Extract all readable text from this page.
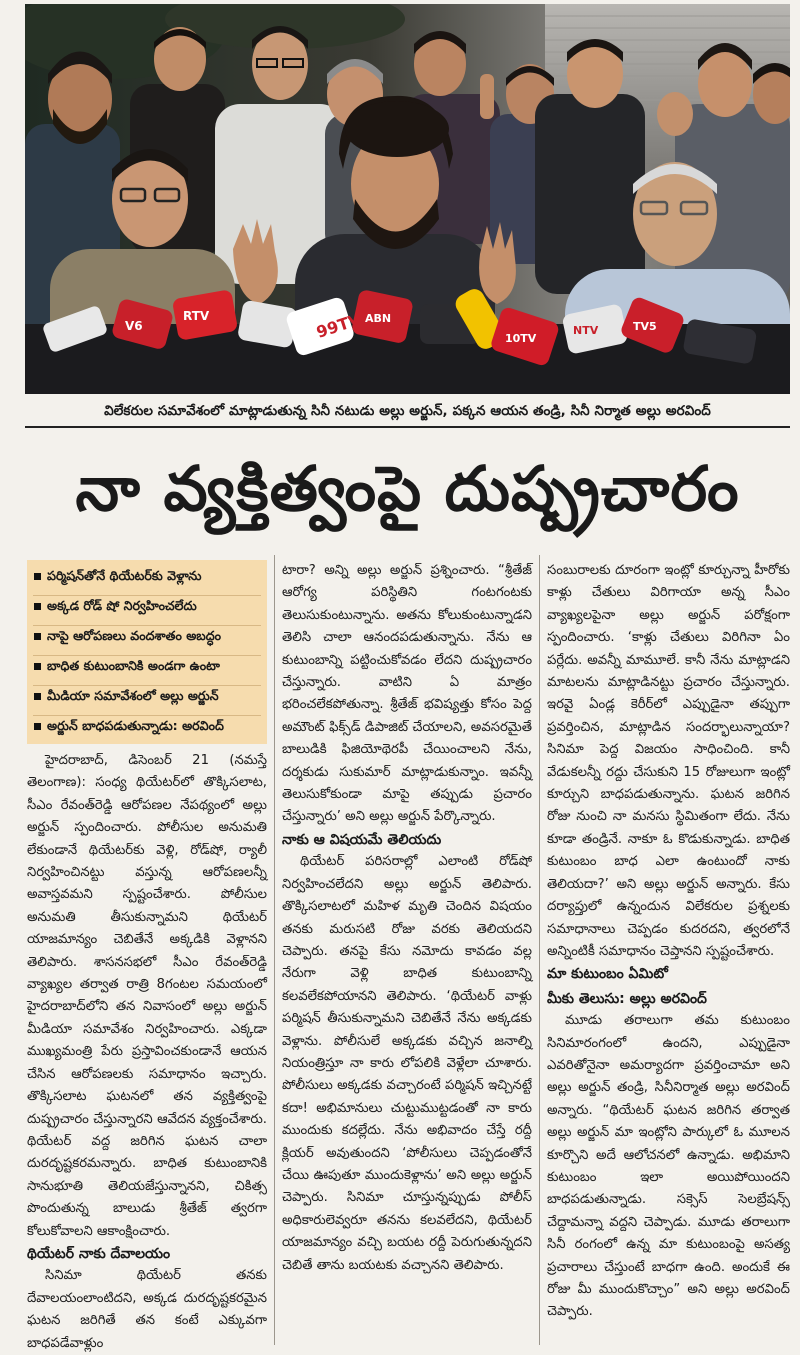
99TV
V6
RTV	ABN
10TV
TV5
NTV
విలేకరుల సమావేశంలో మాట్లాడుతున్న సినీ నటుడు అల్లు అర్జున్, పక్కన ఆయన తండ్రి, సినీ నిర్మాత అల్లు అరవింద్
నా వ్యక్తిత్వంపై దుష్ప్రచారం
పర్మిషన్‌తోనే థియేటర్‌కు వెళ్లాను
అక్కడ రోడ్ షో నిర్వహించలేదు
నాపై ఆరోపణలు వందశాతం అబద్ధం
బాధిత కుటుంబానికి అండగా ఉంటా
మీడియా సమావేశంలో అల్లు అర్జున్
అర్జున్ బాధపడుతున్నాడు: అరవింద్

హైదరాబాద్, డిసెంబర్ 21 (నమస్తే తెలంగాణ): సంధ్య థియేటర్‌లో తొక్కిసలాట, సీఎం రేవంత్‌రెడ్డి ఆరోపణల నేపథ్యంలో అల్లు అర్జున్ స్పందించారు. పోలీసుల అనుమతి లేకుండానే థియేటర్‌కు వెళ్లి, రోడ్‌షో, ర్యాలీ నిర్వహించినట్టు వస్తున్న ఆరోపణలన్నీ అవాస్తవమని స్పష్టంచేశారు. పోలీసుల అనుమతి తీసుకున్నామని థియేటర్ యాజమాన్యం చెబితేనే అక్కడికి వెళ్లానని తెలిపారు. శాసనసభలో సీఎం రేవంత్‌రెడ్డి వ్యాఖ్యల తర్వాత రాత్రి 8గంటల సమయంలో హైదరాబాద్‌లోని తన నివాసంలో అల్లు అర్జున్ మీడియా సమావేశం నిర్వహించారు. ఎక్కడా ముఖ్యమంత్రి పేరు ప్రస్తావించకుండానే ఆయన చేసిన ఆరోపణలకు సమాధానం ఇచ్చారు. తొక్కిసలాట ఘటనలో తన వ్యక్తిత్వంపై దుష్ప్రచారం చేస్తున్నారని ఆవేదన వ్యక్తంచేశారు. థియేటర్ వద్ద జరిగిన ఘటన చాలా దురదృష్టకరమన్నారు. బాధిత కుటుంబానికి సానుభూతి తెలియజేస్తున్నానని, చికిత్స పొందుతున్న బాలుడు శ్రీతేజ్ త్వరగా కోలుకోవాలని ఆకాంక్షించారు.

థియేటర్ నాకు దేవాలయం

సినిమా థియేటర్ తనకు దేవాలయంలాంటిదని, అక్కడ దురదృష్టకరమైన ఘటన జరిగితే తన కంటే ఎక్కువగా బాధపడేవాళ్లుం

టారా? అన్ని అల్లు అర్జున్ ప్రశ్నించారు. “శ్రీతేజ్ ఆరోగ్య పరిస్థితిని గంటగంటకు తెలుసుకుంటున్నాను. అతను కోలుకుంటున్నాడని తెలిసి చాలా ఆనందపడుతున్నాను. నేను ఆ కుటుంబాన్ని పట్టించుకోవడం లేదని దుష్ప్రచారం చేస్తున్నారు. వాటిని ఏ మాత్రం భరించలేకపోతున్నా. శ్రీతేజ్ భవిష్యత్తు కోసం పెద్ద అమౌంట్ ఫిక్స్‌డ్ డిపాజిట్ చేయాలని, అవసరమైతే బాలుడికి ఫిజియోథెరపీ చేయించాలని నేను, దర్శకుడు సుకుమార్ మాట్లాడుకున్నాం. ఇవన్నీ తెలుసుకోకుండా మాపై తప్పుడు ప్రచారం చేస్తున్నారు’ అని అల్లు అర్జున్ పేర్కొన్నారు.

నాకు ఆ విషయమే తెలియదు

థియేటర్ పరిసరాల్లో ఎలాంటి రోడ్‌షో నిర్వహించలేదని అల్లు అర్జున్ తెలిపారు. తొక్కిసలాటలో మహిళ మృతి చెందిన విషయం తనకు మరుసటి రోజు వరకు తెలియదని చెప్పారు. తనపై కేసు నమోదు కావడం వల్ల నేరుగా వెళ్లి బాధిత కుటుంబాన్ని కలవలేకపోయానని తెలిపారు. ‘థియేటర్ వాళ్లు పర్మిషన్ తీసుకున్నామని చెబితేనే నేను అక్కడకు వెళ్లాను. పోలీసులే అక్కడకు వచ్చిన జనాల్ని నియంత్రిస్తూ నా కారు లోపలికి వెళ్లేలా చూశారు. పోలీసులు అక్కడకు వచ్చారంటే పర్మిషన్ ఇచ్చినట్టే కదా! అభిమానులు చుట్టుముట్టడంతో నా కారు ముందుకు కదల్లేదు. నేను అభివాదం చేస్తే రద్దీ క్లియర్ అవుతుందని ‘పోలీసులు చెప్పడంతోనే చేయి ఊపుతూ ముందుకెళ్లాను’ అని అల్లు అర్జున్ చెప్పారు. సినిమా చూస్తున్నప్పుడు పోలీస్ అధికారులెవ్వరూ తనను కలవలేదని, థియేటర్ యాజమాన్యం వచ్చి బయట రద్దీ పెరుగుతున్నదని చెబితే తాను బయటకు వచ్చానని తెలిపారు.

సంబురాలకు దూరంగా ఇంట్లో కూర్చున్నా హీరోకు కాళ్లు చేతులు విరిగాయా అన్న సీఎం వ్యాఖ్యలపైనా అల్లు అర్జున్ పరోక్షంగా స్పందించారు. ‘కాళ్లు చేతులు విరిగినా ఏం పర్లేదు. అవన్నీ మామూలే. కానీ నేను మాట్లాడని మాటలను మాట్లాడినట్టు ప్రచారం చేస్తున్నారు. ఇరవై ఏండ్ల కెరీర్‌లో ఎప్పుడైనా తప్పుగా ప్రవర్తించిన, మాట్లాడిన సందర్భాలున్నాయా? సినిమా పెద్ద విజయం సాధించింది. కానీ వేడుకలన్నీ రద్దు చేసుకుని 15 రోజులుగా ఇంట్లో కూర్చుని బాధపడుతున్నాను. ఘటన జరిగిన రోజు నుంచి నా మనసు స్థిమితంగా లేదు. నేను కూడా తండ్రినే. నాకూ ఓ కొడుకున్నాడు. బాధిత కుటుంబం బాధ ఎలా ఉంటుందో నాకు తెలియదా?’ అని అల్లు అర్జున్ అన్నారు. కేసు దర్యాప్తులో ఉన్నందున విలేకరుల ప్రశ్నలకు సమాధానాలు చెప్పడం కుదరదని, త్వరలోనే అన్నింటికీ సమాధానం చెప్తానని స్పష్టంచేశారు.

మా కుటుంబం ఏమిటో

మీకు తెలుసు: అల్లు అరవింద్

మూడు తరాలుగా తమ కుటుంబం సినిమారంగంలో ఉందని, ఎప్పుడైనా ఎవరితోనైనా అమర్యాదగా ప్రవర్తించామా అని అల్లు అర్జున్ తండ్రి, సినీనిర్మాత అల్లు అరవింద్ అన్నారు. “థియేటర్ ఘటన జరిగిన తర్వాత అల్లు అర్జున్ మా ఇంట్లోని పార్కులో ఓ మూలన కూర్చొని అదే ఆలోచనలో ఉన్నాడు. అభిమాని కుటుంబం ఇలా అయిపోయిందని బాధపడుతున్నాడు. సక్సెస్ సెలబ్రేషన్స్ చేద్దామన్నా వద్దని చెప్పాడు. మూడు తరాలుగా సినీ రంగంలో ఉన్న మా కుటుంబంపై అసత్య ప్రచారాలు చేస్తుంటే బాధగా ఉంది. అందుకే ఈ రోజు మీ ముందుకొచ్చాం” అని అల్లు అరవింద్ చెప్పారు.
